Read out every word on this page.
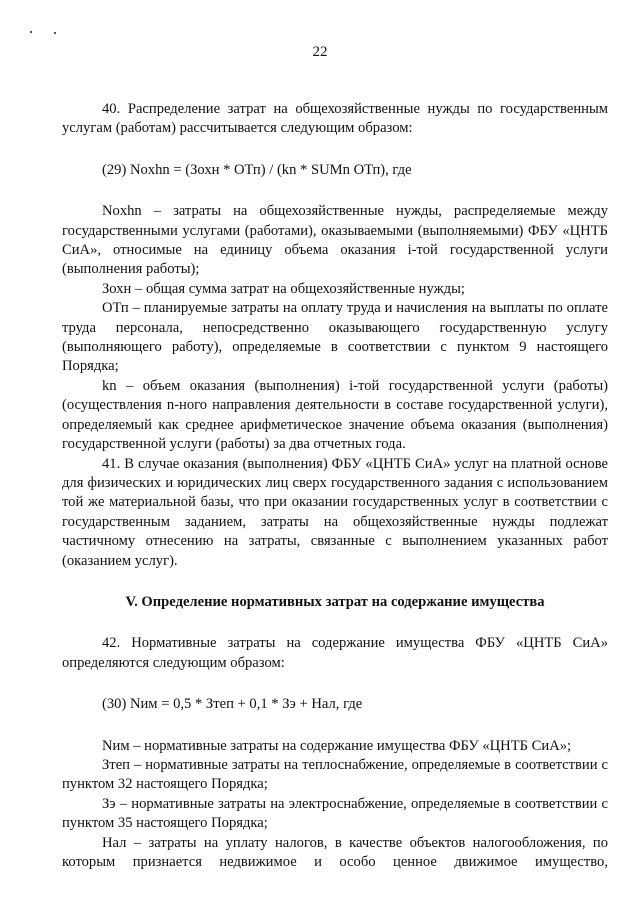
22

40. Распределение затрат на общехозяйственные нужды по государственным услугам (работам) рассчитывается следующим образом:

(29) Noxhn = (Зохн * ОТп) / (kn * SUMn ОТп), где

Noxhn – затраты на общехозяйственные нужды, распределяемые между государственными услугами (работами), оказываемыми (выполняемыми) ФБУ «ЦНТБ СиА», относимые на единицу объема оказания i-той государственной услуги (выполнения работы);

Зохн – общая сумма затрат на общехозяйственные нужды;

ОТп – планируемые затраты на оплату труда и начисления на выплаты по оплате труда персонала, непосредственно оказывающего государственную услугу (выполняющего работу), определяемые в соответствии с пунктом 9 настоящего Порядка;

kn – объем оказания (выполнения) i-той государственной услуги (работы) (осуществления n-ного направления деятельности в составе государственной услуги), определяемый как среднее арифметическое значение объема оказания (выполнения) государственной услуги (работы) за два отчетных года.

41. В случае оказания (выполнения) ФБУ «ЦНТБ СиА» услуг на платной основе для физических и юридических лиц сверх государственного задания с использованием той же материальной базы, что при оказании государственных услуг в соответствии с государственным заданием, затраты на общехозяйственные нужды подлежат частичному отнесению на затраты, связанные с выполнением указанных работ (оказанием услуг).

V. Определение нормативных затрат на содержание имущества

42. Нормативные затраты на содержание имущества ФБУ «ЦНТБ СиА» определяются следующим образом:

(30) Nим = 0,5 * Зтеп + 0,1 * Зэ + Нал, где

Nим – нормативные затраты на содержание имущества ФБУ «ЦНТБ СиА»;

Зтеп – нормативные затраты на теплоснабжение, определяемые в соответствии с пунктом 32 настоящего Порядка;

Зэ – нормативные затраты на электроснабжение, определяемые в соответствии с пунктом 35 настоящего Порядка;

Нал – затраты на уплату налогов, в качестве объектов налогообложения, по которым признается недвижимое и особо ценное движимое имущество,
